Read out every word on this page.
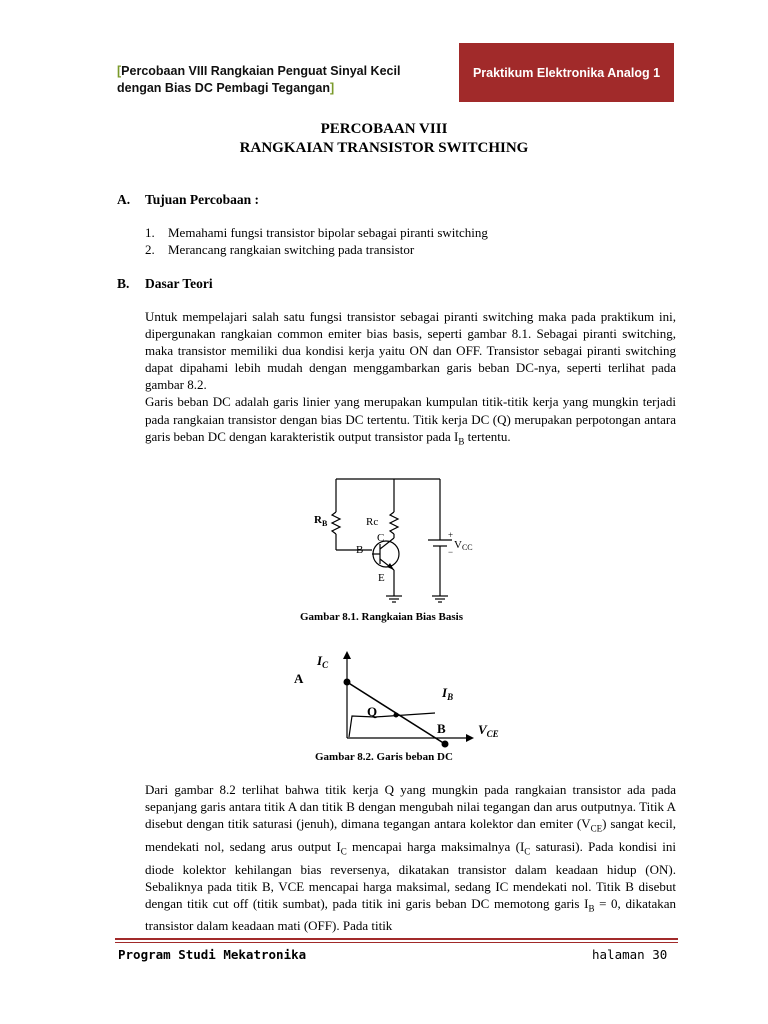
[Percobaan VIII Rangkaian Penguat Sinyal Kecil
dengan Bias DC Pembagi Tegangan]
Praktikum Elektronika Analog 1
PERCOBAAN VIII
RANGKAIAN TRANSISTOR SWITCHING
A. Tujuan Percobaan :
1. Memahami fungsi transistor bipolar sebagai piranti switching
2. Merancang rangkaian switching pada transistor
B. Dasar Teori

Untuk mempelajari salah satu fungsi transistor sebagai piranti switching maka pada praktikum ini, dipergunakan rangkaian common emiter bias basis, seperti gambar 8.1. Sebagai piranti switching, maka transistor memiliki dua kondisi kerja yaitu ON dan OFF. Transistor sebagai piranti switching dapat dipahami lebih mudah dengan menggambarkan garis beban DC-nya, seperti terlihat pada gambar 8.2.

Garis beban DC adalah garis linier yang merupakan kumpulan titik-titik kerja yang mungkin terjadi pada rangkaian transistor dengan bias DC tertentu. Titik kerja DC (Q) merupakan perpotongan antara garis beban DC dengan karakteristik output transistor pada $I_B$ tertentu.

$R_B$	Rc
C
B
E
+
−
VCC
Gambar 8.1. Rangkaian Bias Basis
$I_C$
A
$I_B$
Q
B $V_{CE}$
Gambar 8.2. Garis beban DC

Dari gambar 8.2 terlihat bahwa titik kerja Q yang mungkin pada rangkaian transistor ada pada sepanjang garis antara titik A dan titik B dengan mengubah nilai tegangan dan arus outputnya. Titik A disebut dengan titik saturasi (jenuh), dimana tegangan antara kolektor dan emiter $(V_{CE})$ sangat kecil, mendekati nol, sedang arus output $I_C$ mencapai harga maksimalnya ($I_C$ saturasi). Pada kondisi ini diode kolektor kehilangan bias reversenya, dikatakan transistor dalam keadaan hidup (ON). Sebaliknya pada titik B, VCE mencapai harga maksimal, sedang IC mendekati nol. Titik B disebut dengan titik cut off (titik sumbat), pada titik ini garis beban DC memotong garis $I_B = 0$, dikatakan transistor dalam keadaan mati (OFF). Pada titik

Program Studi Mekatronika	halaman 30
